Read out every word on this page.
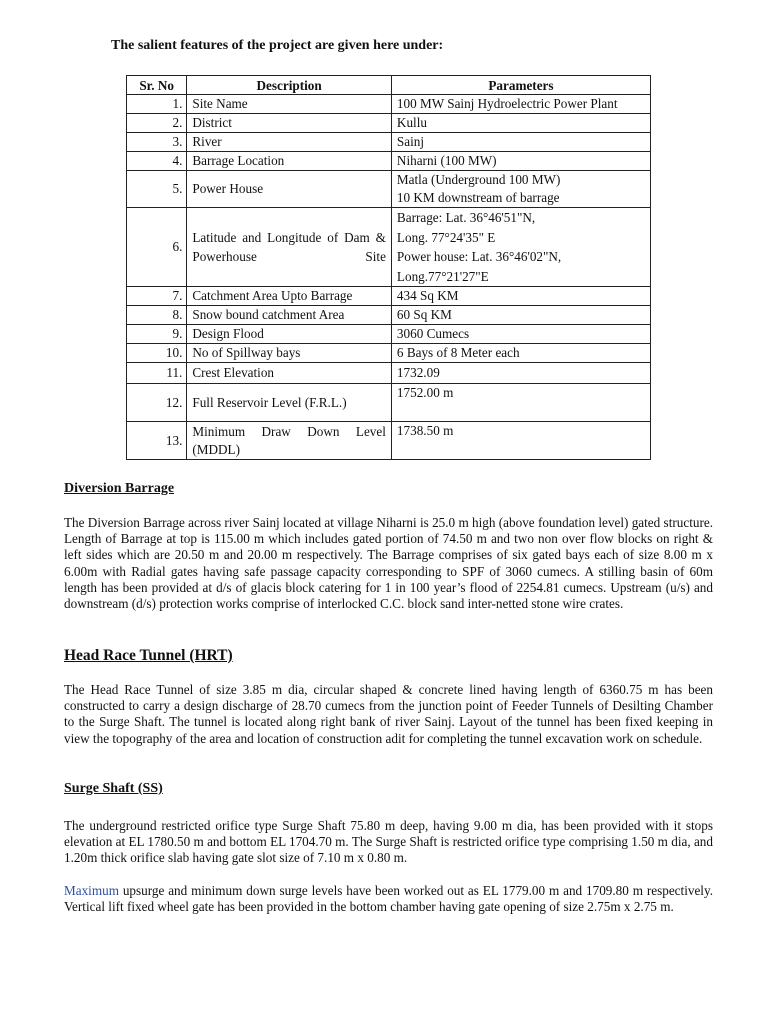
The salient features of the project are given here under:

Sr. No	Description	Parameters
1.	Site Name	100 MW Sainj Hydroelectric Power Plant
2.	District	Kullu
3.	River	Sainj
4.	Barrage Location	Niharni (100 MW)
5.	Power House	Matla (Underground 100 MW)
10 KM downstream of barrage

6.	Latitude and Longitude of Dam & Powerhouse Site	Barrage: Lat. 36°46'51"N,
Long. 77°24'35" E
Power house: Lat. 36°46'02"N,
Long.77°21'27"E

7.	Catchment Area Upto Barrage	434 Sq KM
8.	Snow bound catchment Area	60 Sq KM
9.	Design Flood	3060 Cumecs
10.	No of Spillway bays	6 Bays of 8 Meter each
11.	Crest Elevation	1732.09
12.	Full Reservoir Level (F.R.L.)	1752.00 m
13.	Minimum Draw Down Level (MDDL)	1738.50 m
Diversion Barrage

The Diversion Barrage across river Sainj located at village Niharni is 25.0 m high (above foundation level) gated structure. Length of Barrage at top is 115.00 m which includes gated portion of 74.50 m and two non over flow blocks on right & left sides which are 20.50 m and 20.00 m respectively. The Barrage comprises of six gated bays each of size 8.00 m x 6.00m with Radial gates having safe passage capacity corresponding to SPF of 3060 cumecs. A stilling basin of 60m length has been provided at d/s of glacis block catering for 1 in 100 year’s flood of 2254.81 cumecs. Upstream (u/s) and downstream (d/s) protection works comprise of interlocked C.C. block sand inter-netted stone wire crates.

Head Race Tunnel (HRT)

The Head Race Tunnel of size 3.85 m dia, circular shaped & concrete lined having length of 6360.75 m has been constructed to carry a design discharge of 28.70 cumecs from the junction point of Feeder Tunnels of Desilting Chamber to the Surge Shaft. The tunnel is located along right bank of river Sainj. Layout of the tunnel has been fixed keeping in view the topography of the area and location of construction adit for completing the tunnel excavation work on schedule.

Surge Shaft (SS)

The underground restricted orifice type Surge Shaft 75.80 m deep, having 9.00 m dia, has been provided with it stops elevation at EL 1780.50 m and bottom EL 1704.70 m. The Surge Shaft is restricted orifice type comprising 1.50 m dia, and 1.20m thick orifice slab having gate slot size of 7.10 m x 0.80 m.

Maximum upsurge and minimum down surge levels have been worked out as EL 1779.00 m and 1709.80 m respectively. Vertical lift fixed wheel gate has been provided in the bottom chamber having gate opening of size 2.75m x 2.75 m.
